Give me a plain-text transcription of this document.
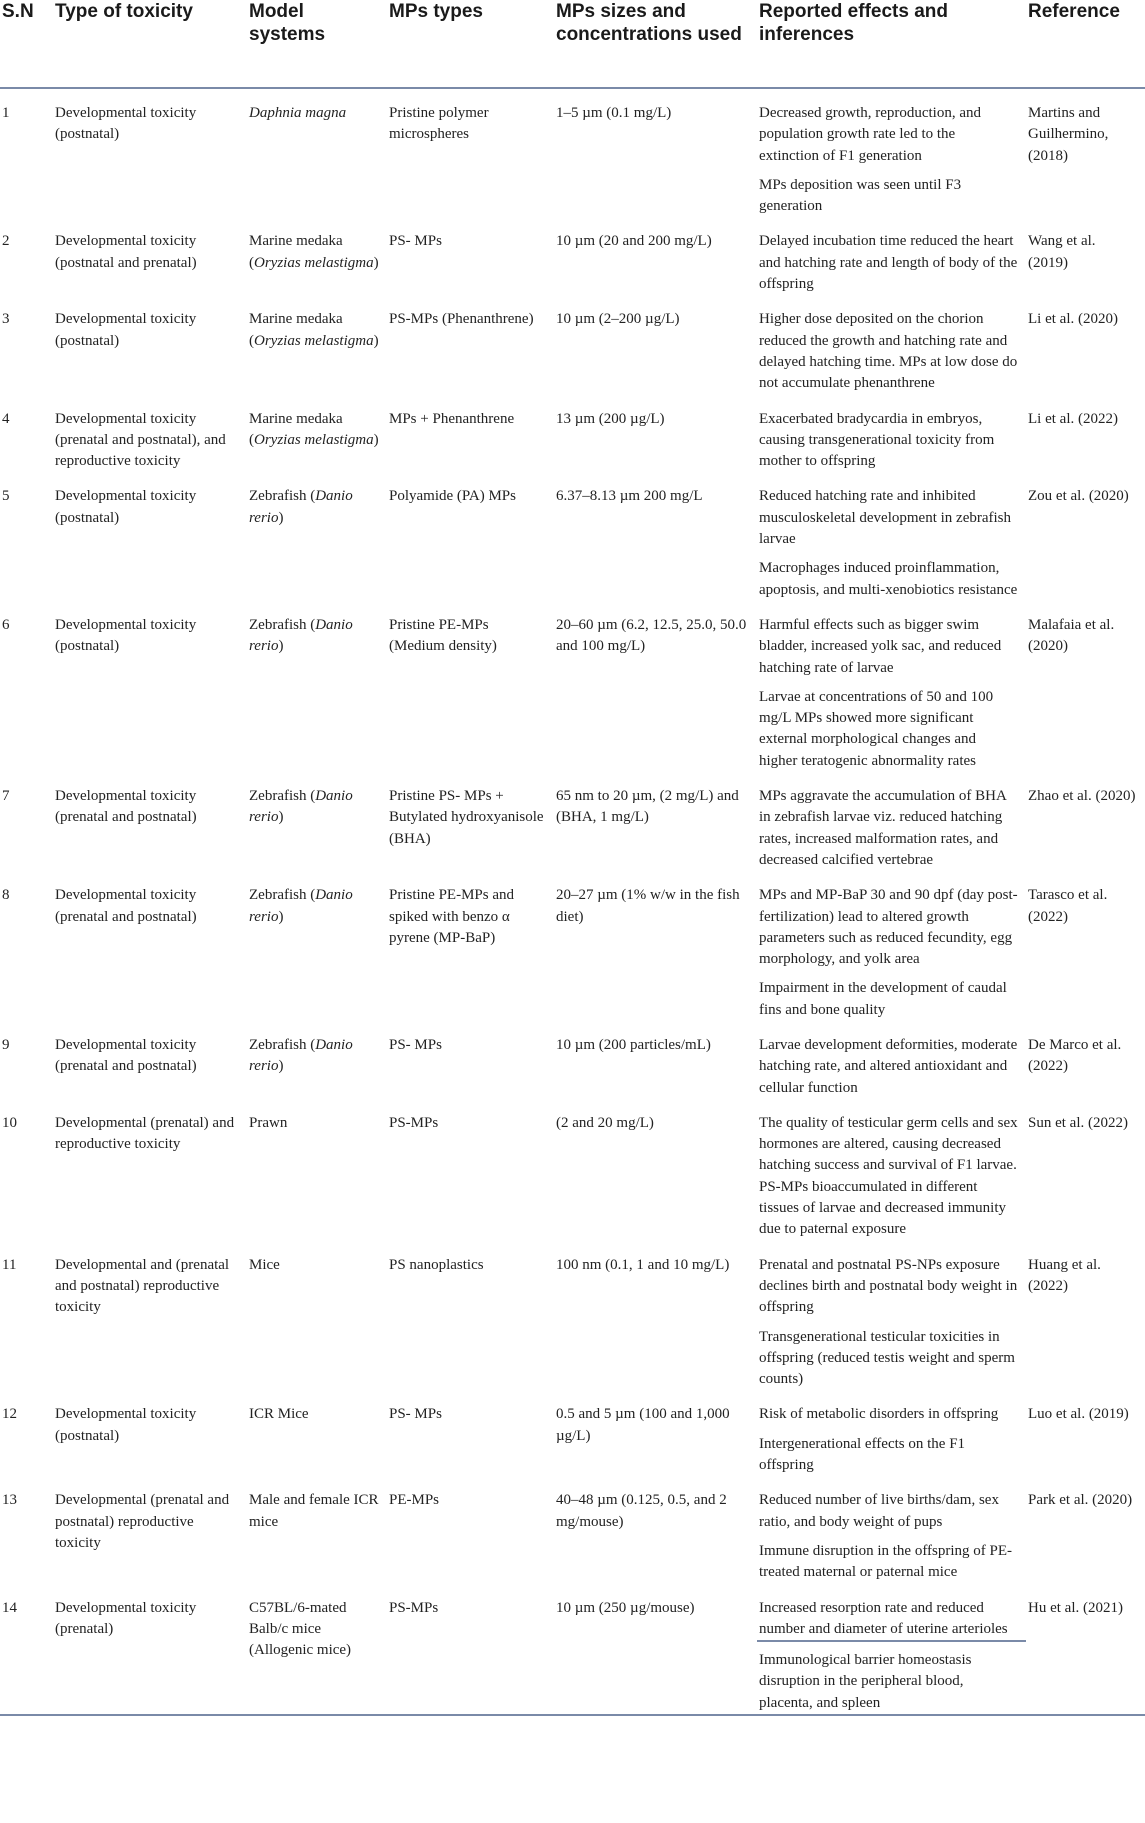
S.N	Type of toxicity	Model systems	MPs types	MPs sizes and concentrations used	Reported effects and inferences	Reference
1	Developmental toxicity (postnatal)	Daphnia magna	Pristine polymer microspheres	1–5 µm (0.1 mg/L)	Decreased growth, reproduction, and population growth rate led to the extinction of F1 generation	Martins and Guilhermino, (2018)
					MPs deposition was seen until F3 generation	
2	Developmental toxicity (postnatal and prenatal)	Marine medaka (Oryzias melastigma)	PS- MPs	10 µm (20 and 200 mg/L)	Delayed incubation time reduced the heart and hatching rate and length of body of the offspring	Wang et al. (2019)
3	Developmental toxicity (postnatal)	Marine medaka (Oryzias melastigma)	PS-MPs (Phenanthrene)	10 µm (2–200 µg/L)	Higher dose deposited on the chorion reduced the growth and hatching rate and delayed hatching time. MPs at low dose do not accumulate phenanthrene	Li et al. (2020)
4	Developmental toxicity (prenatal and postnatal), and reproductive toxicity	Marine medaka (Oryzias melastigma)	MPs + Phenanthrene	13 µm (200 µg/L)	Exacerbated bradycardia in embryos, causing transgenerational toxicity from mother to offspring	Li et al. (2022)
5	Developmental toxicity (postnatal)	Zebrafish (Danio rerio)	Polyamide (PA) MPs	6.37–8.13 µm 200 mg/L	Reduced hatching rate and inhibited musculoskeletal development in zebrafish larvae	Zou et al. (2020)
					Macrophages induced proinflammation, apoptosis, and multi-xenobiotics resistance	
6	Developmental toxicity (postnatal)	Zebrafish (Danio rerio)	Pristine PE-MPs (Medium density)	20–60 µm (6.2, 12.5, 25.0, 50.0 and 100 mg/L)	Harmful effects such as bigger swim bladder, increased yolk sac, and reduced hatching rate of larvae	Malafaia et al. (2020)
					Larvae at concentrations of 50 and 100 mg/L MPs showed more significant external morphological changes and higher teratogenic abnormality rates	
7	Developmental toxicity (prenatal and postnatal)	Zebrafish (Danio rerio)	Pristine PS- MPs + Butylated hydroxyanisole (BHA)	65 nm to 20 µm, (2 mg/L) and (BHA, 1 mg/L)	MPs aggravate the accumulation of BHA in zebrafish larvae viz. reduced hatching rates, increased malformation rates, and decreased calcified vertebrae	Zhao et al. (2020)
8	Developmental toxicity (prenatal and postnatal)	Zebrafish (Danio rerio)	Pristine PE-MPs and spiked with benzo α pyrene (MP-BaP)	20–27 µm (1% w/w in the fish diet)	MPs and MP-BaP 30 and 90 dpf (day post-fertilization) lead to altered growth parameters such as reduced fecundity, egg morphology, and yolk area	Tarasco et al. (2022)
					Impairment in the development of caudal fins and bone quality	
9	Developmental toxicity (prenatal and postnatal)	Zebrafish (Danio rerio)	PS- MPs	10 µm (200 particles/mL)	Larvae development deformities, moderate hatching rate, and altered antioxidant and cellular function	De Marco et al. (2022)
10	Developmental (prenatal) and reproductive toxicity	Prawn	PS-MPs	(2 and 20 mg/L)	The quality of testicular germ cells and sex hormones are altered, causing decreased hatching success and survival of F1 larvae. PS-MPs bioaccumulated in different tissues of larvae and decreased immunity due to paternal exposure	Sun et al. (2022)
11	Developmental and (prenatal and postnatal) reproductive toxicity	Mice	PS nanoplastics	100 nm (0.1, 1 and 10 mg/L)	Prenatal and postnatal PS-NPs exposure declines birth and postnatal body weight in offspring	Huang et al. (2022)
					Transgenerational testicular toxicities in offspring (reduced testis weight and sperm counts)	
12	Developmental toxicity (postnatal)	ICR Mice	PS- MPs	0.5 and 5 µm (100 and 1,000 µg/L)	Risk of metabolic disorders in offspring	Luo et al. (2019)
					Intergenerational effects on the F1 offspring	
13	Developmental (prenatal and postnatal) reproductive toxicity	Male and female ICR mice	PE-MPs	40–48 µm (0.125, 0.5, and 2 mg/mouse)	Reduced number of live births/dam, sex ratio, and body weight of pups	Park et al. (2020)
					Immune disruption in the offspring of PE-treated maternal or paternal mice	
14	Developmental toxicity (prenatal)	C57BL/6-mated Balb/c mice (Allogenic mice)	PS-MPs	10 µm (250 µg/mouse)	Increased resorption rate and reduced number and diameter of uterine arterioles	Hu et al. (2021)
					Immunological barrier homeostasis disruption in the peripheral blood, placenta, and spleen	
